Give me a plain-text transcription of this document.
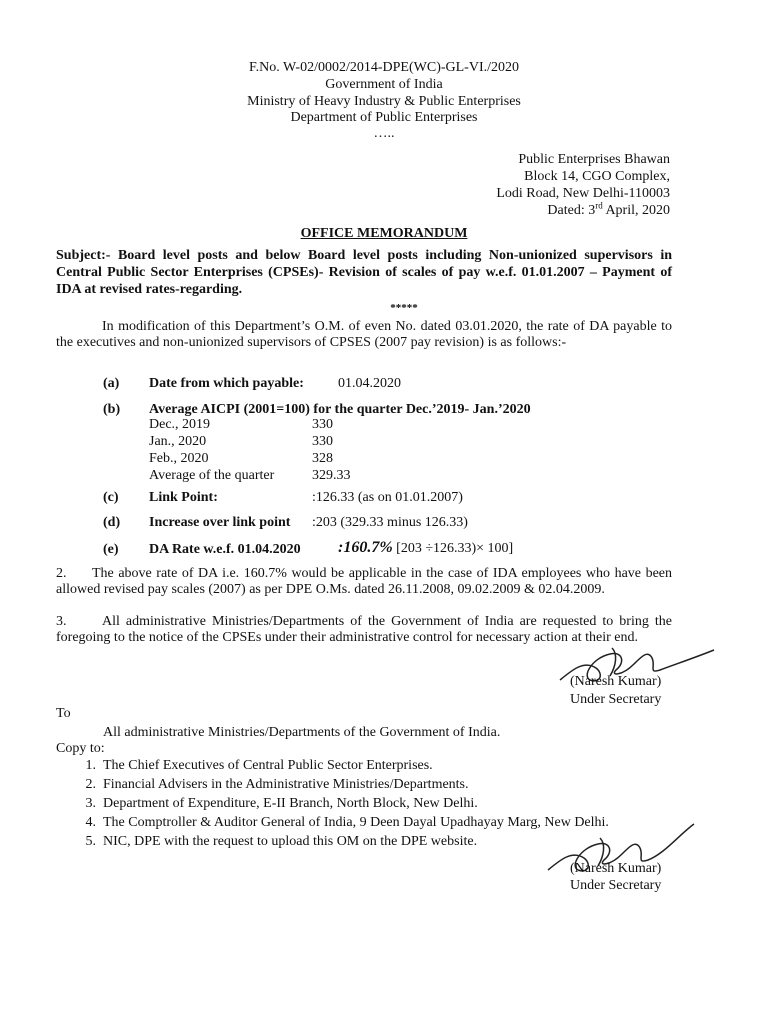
F.No. W-02/0002/2014-DPE(WC)-GL-VI./2020
Government of India
Ministry of Heavy Industry & Public Enterprises
Department of Public Enterprises
…..
Public Enterprises Bhawan
Block 14, CGO Complex,
Lodi Road, New Delhi-110003
Dated: 3rd April, 2020
OFFICE MEMORANDUM
Subject:- Board level posts and below Board level posts including Non-unionized supervisors in Central Public Sector Enterprises (CPSEs)- Revision of scales of pay w.e.f. 01.01.2007 – Payment of IDA at revised rates-regarding.
*****
In modification of this Department’s O.M. of even No. dated 03.01.2020, the rate of DA payable to the executives and non-unionized supervisors of CPSES (2007 pay revision) is as follows:-
(a) Date from which payable: 01.04.2020
(b) Average AICPI (2001=100) for the quarter Dec.’2019- Jan.’2020
Dec., 2019	330
Jan., 2020	330
Feb., 2020	328
Average of the quarter	329.33
(c) Link Point:	:126.33 (as on 01.01.2007)
(d) Increase over link point :203 (329.33 minus 126.33)
(e) DA Rate w.e.f. 01.04.2020 :160.7% [203 ÷126.33)× 100]
2.	The above rate of DA i.e. 160.7% would be applicable in the case of IDA employees who have been allowed revised pay scales (2007) as per DPE O.Ms. dated 26.11.2008, 09.02.2009 & 02.04.2009.
3.	All administrative Ministries/Departments of the Government of India are requested to bring the foregoing to the notice of the CPSEs under their administrative control for necessary action at their end.
(Naresh Kumar)
Under Secretary
To
All administrative Ministries/Departments of the Government of India.
Copy to:
1. The Chief Executives of Central Public Sector Enterprises.
2. Financial Advisers in the Administrative Ministries/Departments.
3. Department of Expenditure, E-II Branch, North Block, New Delhi.
4. The Comptroller & Auditor General of India, 9 Deen Dayal Upadhayay Marg, New Delhi.
5. NIC, DPE with the request to upload this OM on the DPE website.
(Naresh Kumar)
Under Secretary
